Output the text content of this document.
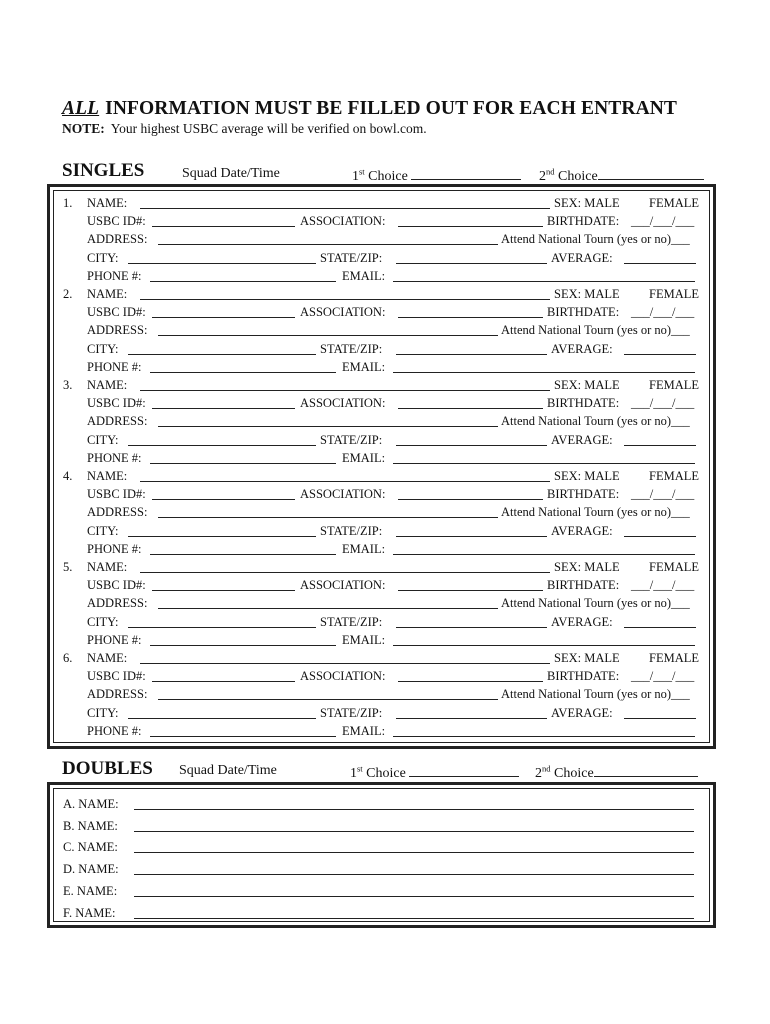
ALL INFORMATION MUST BE FILLED OUT FOR EACH ENTRANT
NOTE: Your highest USBC average will be verified on bowl.com.
SINGLES	Squad Date/Time	1st Choice	2nd Choice
1. NAME:	SEX: MALE FEMALE
USBC ID#:	ASSOCIATION:	BIRTHDATE: ___/___/___
ADDRESS:	Attend National Tourn (yes or no)___
CITY:	STATE/ZIP:	AVERAGE:
PHONE #:	EMAIL:
2. NAME:	SEX: MALE FEMALE
USBC ID#:	ASSOCIATION:	BIRTHDATE: ___/___/___
ADDRESS:	Attend National Tourn (yes or no)___
CITY:	STATE/ZIP:	AVERAGE:
PHONE #:	EMAIL:
3. NAME:	SEX: MALE FEMALE
USBC ID#:	ASSOCIATION:	BIRTHDATE: ___/___/___
ADDRESS:	Attend National Tourn (yes or no)___
CITY:	STATE/ZIP:	AVERAGE:
PHONE #:	EMAIL:
4. NAME:	SEX: MALE FEMALE
USBC ID#:	ASSOCIATION:	BIRTHDATE: ___/___/___
ADDRESS:	Attend National Tourn (yes or no)___
CITY:	STATE/ZIP:	AVERAGE:
PHONE #:	EMAIL:
5. NAME:	SEX: MALE FEMALE
USBC ID#:	ASSOCIATION:	BIRTHDATE: ___/___/___
ADDRESS:	Attend National Tourn (yes or no)___
CITY:	STATE/ZIP:	AVERAGE:
PHONE #:	EMAIL:
6. NAME:	SEX: MALE FEMALE
USBC ID#:	ASSOCIATION:	BIRTHDATE: ___/___/___
ADDRESS:	Attend National Tourn (yes or no)___
CITY:	STATE/ZIP:	AVERAGE:
PHONE #:	EMAIL:
DOUBLES Squad Date/Time	1st Choice	2nd Choice
A. NAME:
B. NAME:
C. NAME:
D. NAME:
E. NAME:
F. NAME:
